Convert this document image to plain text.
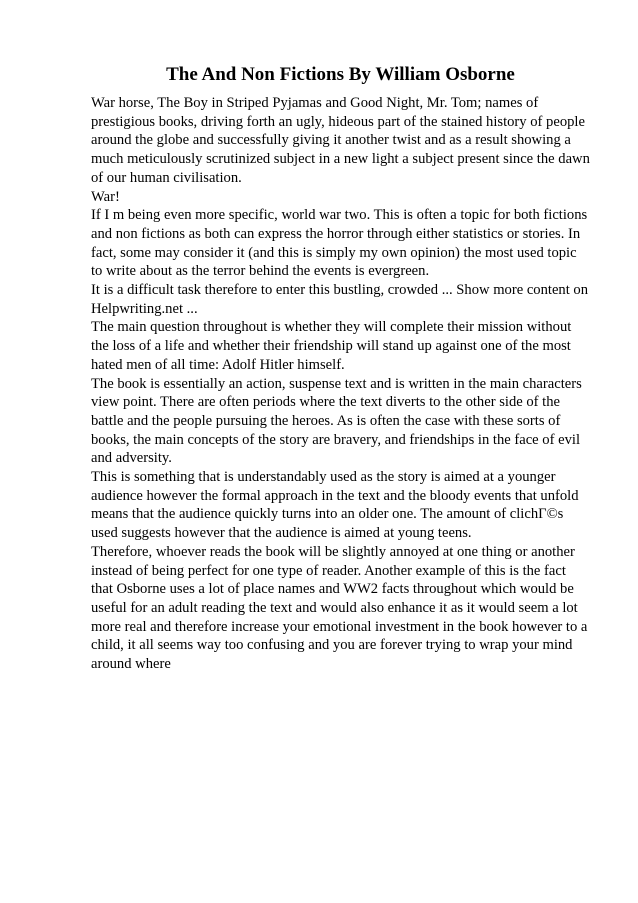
The And Non Fictions By William Osborne

War horse, The Boy in Striped Pyjamas and Good Night, Mr. Tom; names of prestigious books, driving forth an ugly, hideous part of the stained history of people around the globe and successfully giving it another twist and as a result showing a much meticulously scrutinized subject in a new light a subject present since the dawn of our human civilisation.

War!

If I m being even more specific, world war two. This is often a topic for both fictions and non fictions as both can express the horror through either statistics or stories. In fact, some may consider it (and this is simply my own opinion) the most used topic to write about as the terror behind the events is evergreen.

It is a difficult task therefore to enter this bustling, crowded ... Show more content on Helpwriting.net ...

The main question throughout is whether they will complete their mission without the loss of a life and whether their friendship will stand up against one of the most hated men of all time: Adolf Hitler himself.

The book is essentially an action, suspense text and is written in the main characters view point. There are often periods where the text diverts to the other side of the battle and the people pursuing the heroes. As is often the case with these sorts of books, the main concepts of the story are bravery, and friendships in the face of evil and adversity.

This is something that is understandably used as the story is aimed at a younger audience however the formal approach in the text and the bloody events that unfold means that the audience quickly turns into an older one. The amount of clichГ©s used suggests however that the audience is aimed at young teens.

Therefore, whoever reads the book will be slightly annoyed at one thing or another instead of being perfect for one type of reader. Another example of this is the fact that Osborne uses a lot of place names and WW2 facts throughout which would be useful for an adult reading the text and would also enhance it as it would seem a lot more real and therefore increase your emotional investment in the book however to a child, it all seems way too confusing and you are forever trying to wrap your mind around where
